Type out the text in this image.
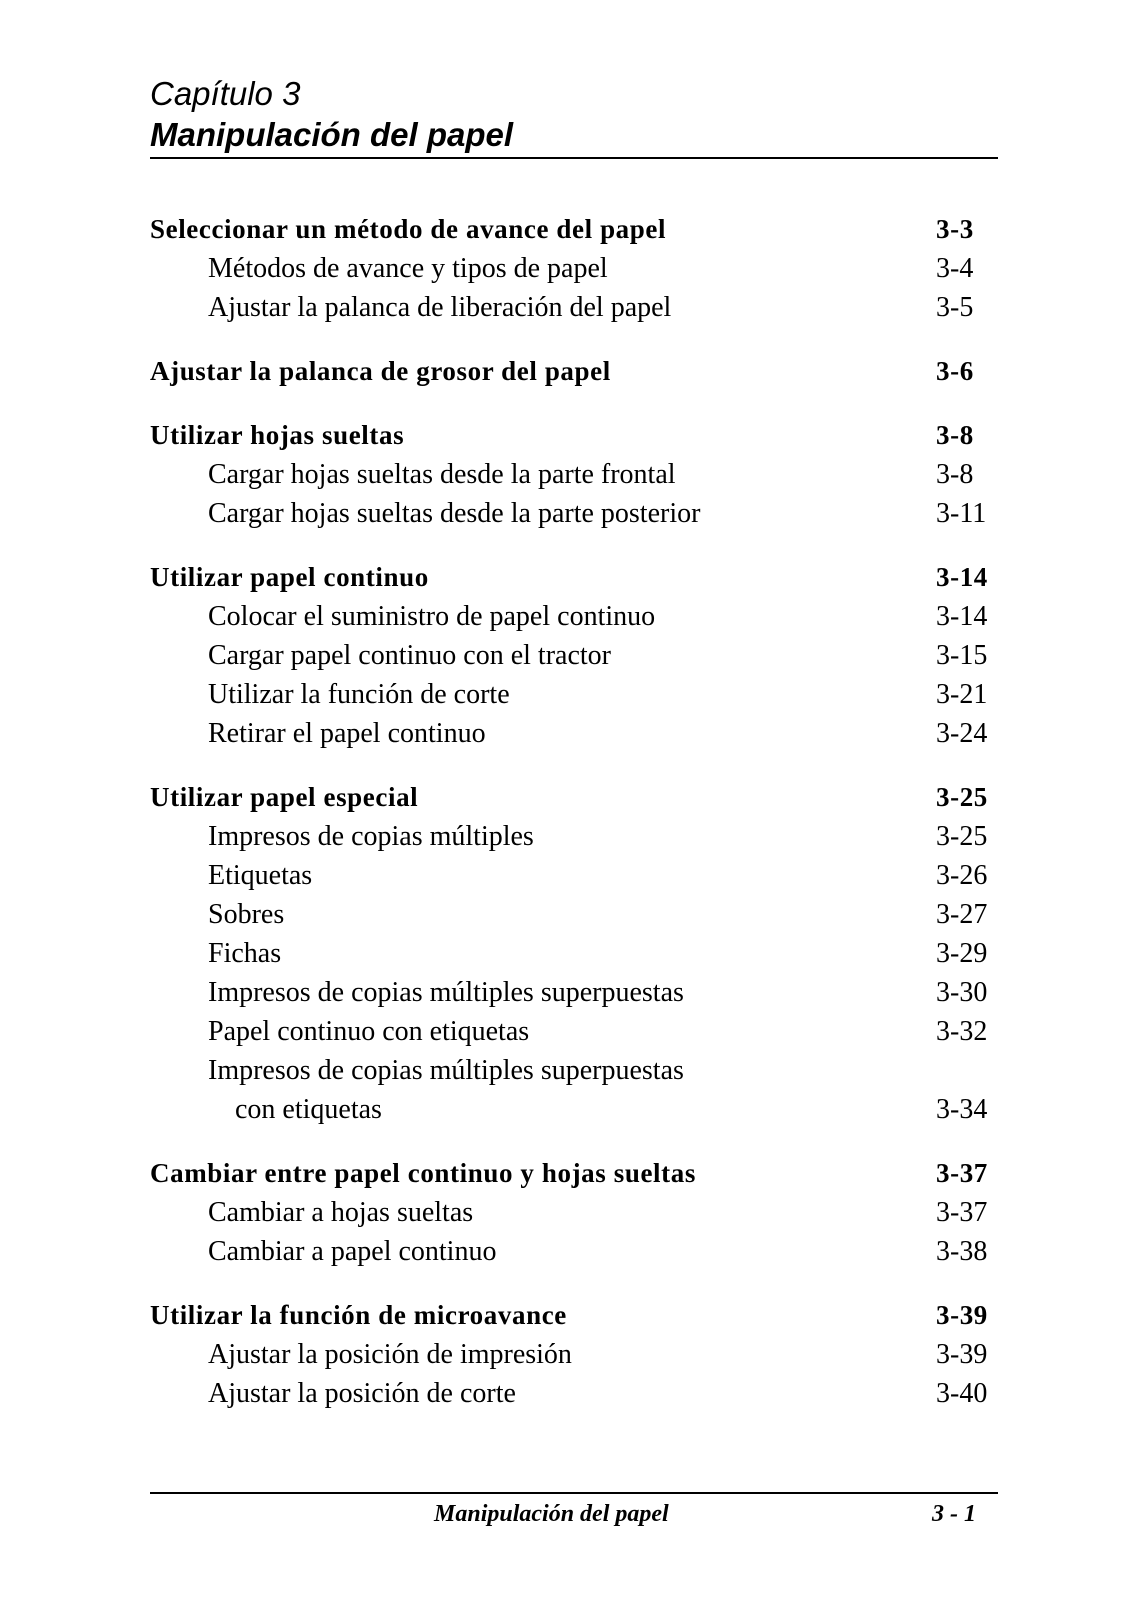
Capítulo 3
Manipulación del papel
Seleccionar un método de avance del papel	3-3
Métodos de avance y tipos de papel	3-4
Ajustar la palanca de liberación del papel	3-5
Ajustar la palanca de grosor del papel	3-6
Utilizar hojas sueltas	3-8
Cargar hojas sueltas desde la parte frontal	3-8
Cargar hojas sueltas desde la parte posterior	3-11
Utilizar papel continuo	3-14
Colocar el suministro de papel continuo	3-14
Cargar papel continuo con el tractor	3-15
Utilizar la función de corte	3-21
Retirar el papel continuo	3-24
Utilizar papel especial	3-25
Impresos de copias múltiples	3-25
Etiquetas	3-26
Sobres	3-27
Fichas	3-29
Impresos de copias múltiples superpuestas	3-30
Papel continuo con etiquetas	3-32
Impresos de copias múltiples superpuestas
con etiquetas	3-34
Cambiar entre papel continuo y hojas sueltas	3-37
Cambiar a hojas sueltas	3-37
Cambiar a papel continuo	3-38
Utilizar la función de microavance	3-39
Ajustar la posición de impresión	3-39
Ajustar la posición de corte	3-40
Manipulación del papel	3 - 1
